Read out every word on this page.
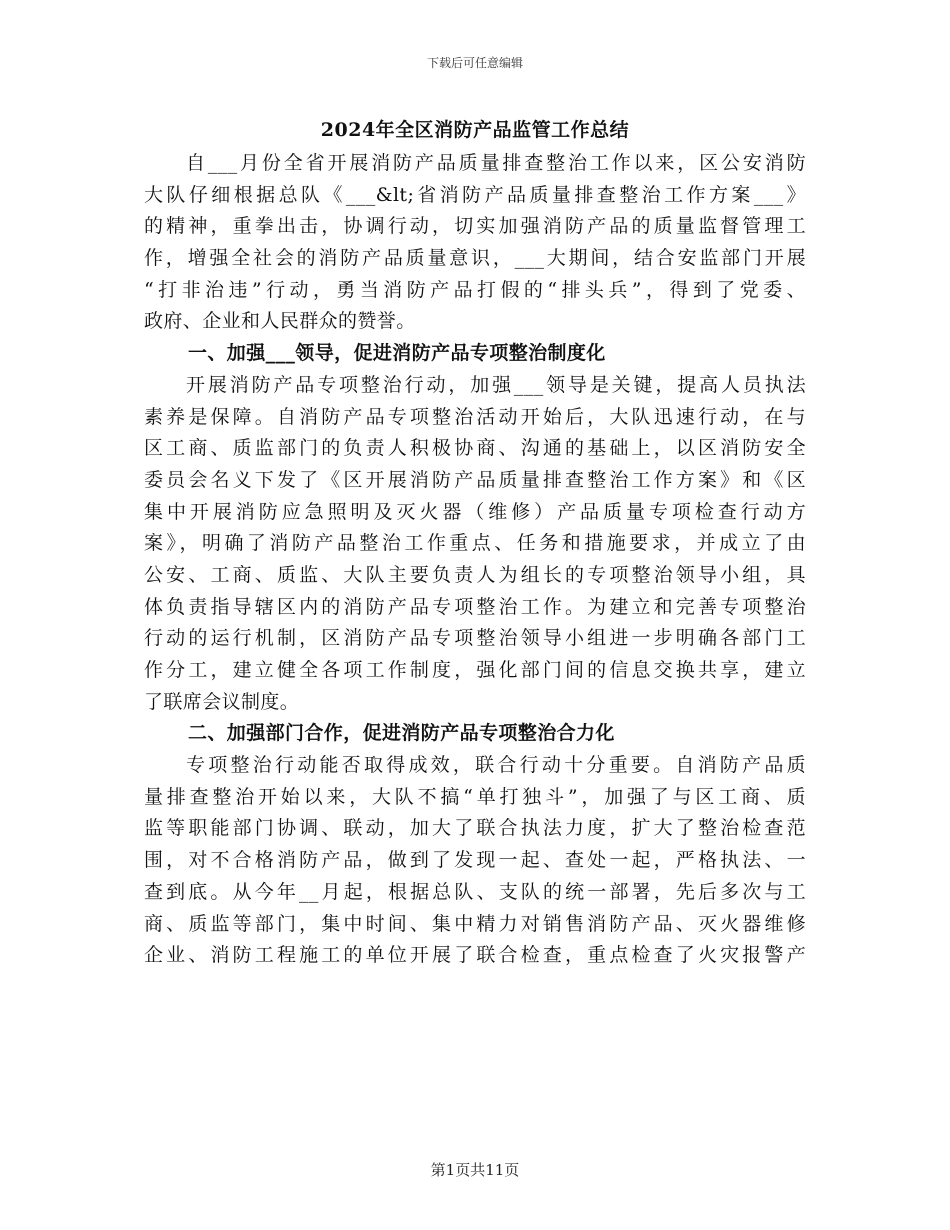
下载后可任意编辑
2024年全区消防产品监管工作总结
自___月份全省开展消防产品质量排查整治工作以来，区公安消防
大队仔细根据总队《___&lt;省消防产品质量排查整治工作方案___》
的精神，重拳出击，协调行动，切实加强消防产品的质量监督管理工
作，增强全社会的消防产品质量意识，___大期间，结合安监部门开展
“打非治违”行动，勇当消防产品打假的“排头兵”，得到了党委、
政府、企业和人民群众的赞誉。
一、加强___领导，促进消防产品专项整治制度化
开展消防产品专项整治行动，加强___领导是关键，提高人员执法
素养是保障。自消防产品专项整治活动开始后，大队迅速行动，在与
区工商、质监部门的负责人积极协商、沟通的基础上，以区消防安全
委员会名义下发了《区开展消防产品质量排查整治工作方案》和《区
集中开展消防应急照明及灭火器（维修）产品质量专项检查行动方
案》，明确了消防产品整治工作重点、任务和措施要求，并成立了由
公安、工商、质监、大队主要负责人为组长的专项整治领导小组，具
体负责指导辖区内的消防产品专项整治工作。为建立和完善专项整治
行动的运行机制，区消防产品专项整治领导小组进一步明确各部门工
作分工，建立健全各项工作制度，强化部门间的信息交换共享，建立
了联席会议制度。
二、加强部门合作，促进消防产品专项整治合力化
专项整治行动能否取得成效，联合行动十分重要。自消防产品质
量排查整治开始以来，大队不搞“单打独斗”，加强了与区工商、质
监等职能部门协调、联动，加大了联合执法力度，扩大了整治检查范
围，对不合格消防产品，做到了发现一起、查处一起，严格执法、一
查到底。从今年__月起，根据总队、支队的统一部署，先后多次与工
商、质监等部门，集中时间、集中精力对销售消防产品、灭火器维修
企业、消防工程施工的单位开展了联合检查，重点检查了火灾报警产
第1页共11页
